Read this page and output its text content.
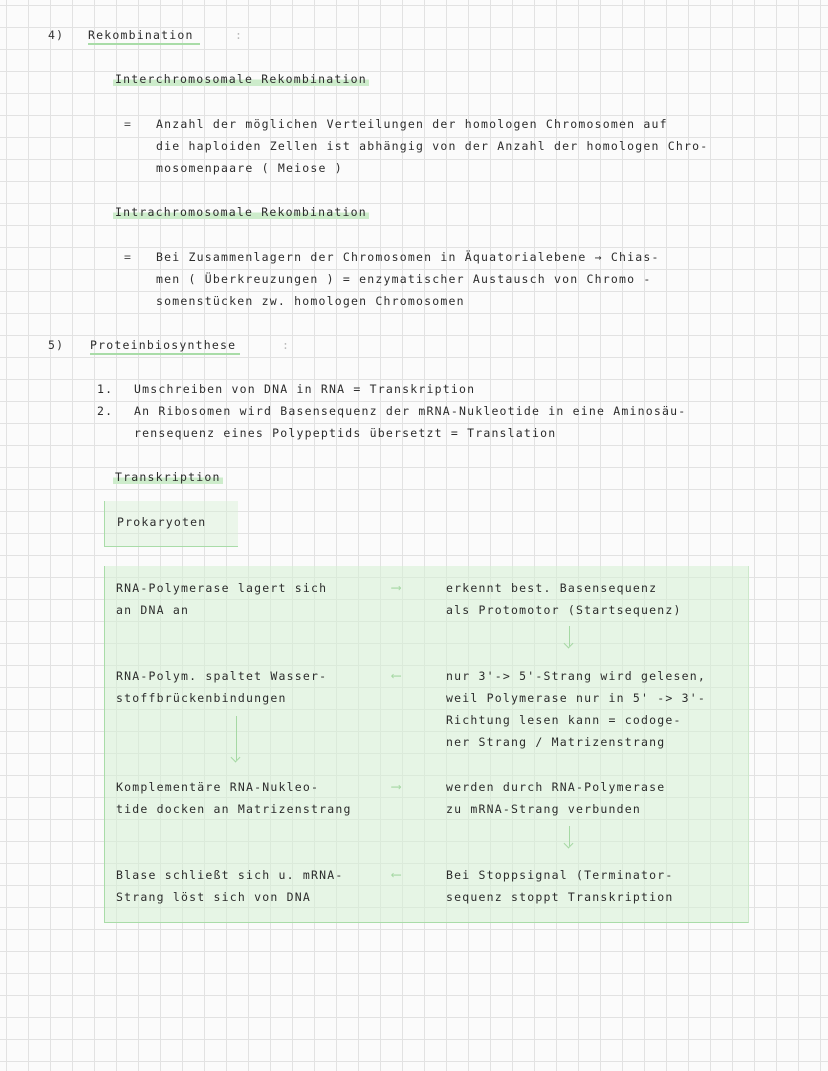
4) Rekombination	:
Interchromosomale Rekombination
= Anzahl der möglichen Verteilungen der homologen Chromosomen auf
die haploiden Zellen ist abhängig von der Anzahl der homologen Chro-
mosomenpaare ( Meiose )
Intrachromosomale Rekombination
= Bei Zusammenlagern der Chromosomen in Äquatorialebene → Chias-
men ( Überkreuzungen ) = enzymatischer Austausch von Chromo -
somenstücken zw. homologen Chromosomen
5) Proteinbiosynthese	:
1. Umschreiben von DNA in RNA = Transkription
2. An Ribosomen wird Basensequenz der mRNA-Nukleotide in eine Aminosäu-
rensequenz eines Polypeptids übersetzt = Translation
Transkription
Prokaryoten
RNA-Polymerase lagert sich
an DNA an
⟶	erkennt best. Basensequenz
als Protomotor (Startsequenz)
RNA-Polym. spaltet Wasser-
stoffbrückenbindungen
⟵	nur 3'-> 5'-Strang wird gelesen,
weil Polymerase nur in 5' -> 3'-
Richtung lesen kann = codoge-
ner Strang / Matrizenstrang
Komplementäre RNA-Nukleo-
tide docken an Matrizenstrang
⟶	werden durch RNA-Polymerase
zu mRNA-Strang verbunden
Blase schließt sich u. mRNA-
Strang löst sich von DNA
⟵	Bei Stoppsignal (Terminator-
sequenz stoppt Transkription
